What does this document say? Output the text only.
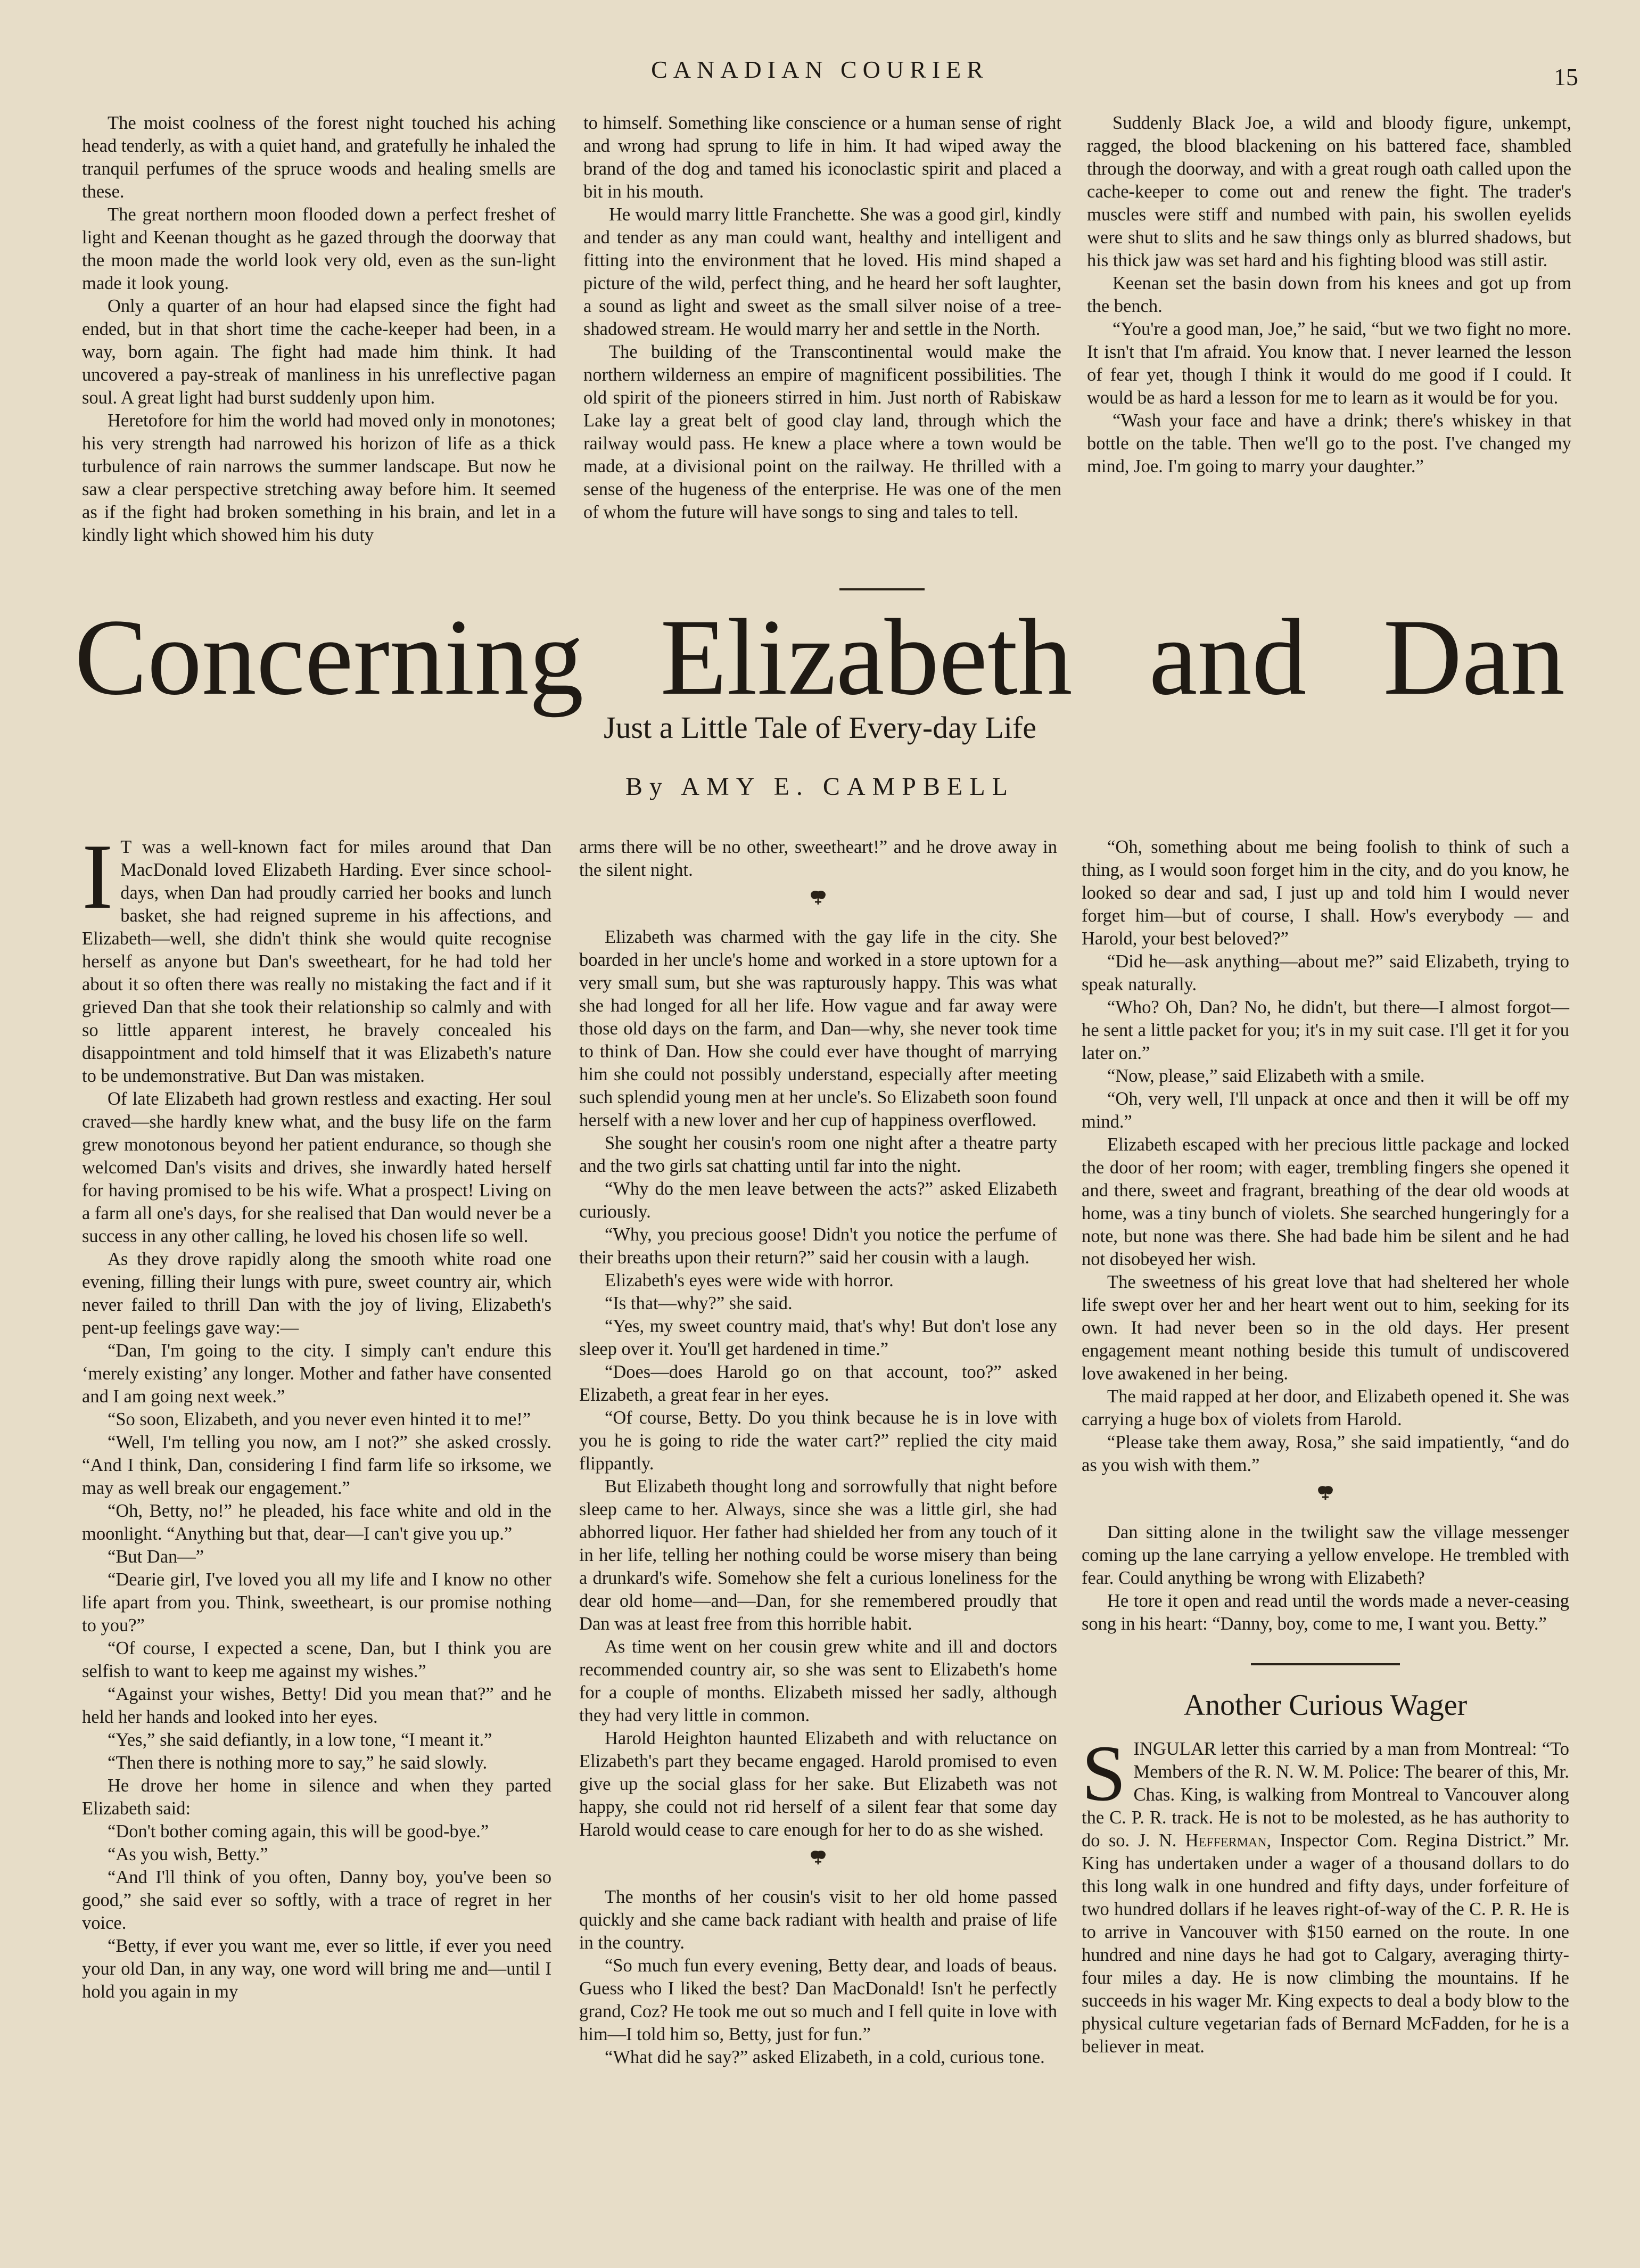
CANADIAN COURIER	15

The moist coolness of the forest night touched his aching head tenderly, as with a quiet hand, and gratefully he inhaled the tranquil perfumes of the spruce woods and healing smells are these.

The great northern moon flooded down a perfect freshet of light and Keenan thought as he gazed through the doorway that the moon made the world look very old, even as the sun-light made it look young.

Only a quarter of an hour had elapsed since the fight had ended, but in that short time the cache-keeper had been, in a way, born again. The fight had made him think. It had uncovered a pay-streak of manliness in his unreflective pagan soul. A great light had burst suddenly upon him.

Heretofore for him the world had moved only in monotones; his very strength had narrowed his horizon of life as a thick turbulence of rain narrows the summer landscape. But now he saw a clear perspective stretching away before him. It seemed as if the fight had broken something in his brain, and let in a kindly light which showed him his duty

to himself. Something like conscience or a human sense of right and wrong had sprung to life in him. It had wiped away the brand of the dog and tamed his iconoclastic spirit and placed a bit in his mouth.

He would marry little Franchette. She was a good girl, kindly and tender as any man could want, healthy and intelligent and fitting into the environment that he loved. His mind shaped a picture of the wild, perfect thing, and he heard her soft laughter, a sound as light and sweet as the small silver noise of a tree-shadowed stream. He would marry her and settle in the North.

The building of the Transcontinental would make the northern wilderness an empire of magnificent possibilities. The old spirit of the pioneers stirred in him. Just north of Rabiskaw Lake lay a great belt of good clay land, through which the railway would pass. He knew a place where a town would be made, at a divisional point on the railway. He thrilled with a sense of the hugeness of the enterprise. He was one of the men of whom the future will have songs to sing and tales to tell.

Suddenly Black Joe, a wild and bloody figure, unkempt, ragged, the blood blackening on his battered face, shambled through the doorway, and with a great rough oath called upon the cache-keeper to come out and renew the fight. The trader's muscles were stiff and numbed with pain, his swollen eyelids were shut to slits and he saw things only as blurred shadows, but his thick jaw was set hard and his fighting blood was still astir.

Keenan set the basin down from his knees and got up from the bench.

“You're a good man, Joe,” he said, “but we two fight no more. It isn't that I'm afraid. You know that. I never learned the lesson of fear yet, though I think it would do me good if I could. It would be as hard a lesson for me to learn as it would be for you.

“Wash your face and have a drink; there's whiskey in that bottle on the table. Then we'll go to the post. I've changed my mind, Joe. I'm going to marry your daughter.”

Concerning Elizabeth and Dan
Just a Little Tale of Every-day Life
By AMY E. CAMPBELL
I T was a well-known fact for miles around that Dan MacDonald loved Elizabeth Harding. Ever since school-days, when Dan had proudly carried her books and lunch basket, she had reigned supreme in his affections, and Elizabeth—well, she didn't think she would quite recognise herself as anyone but Dan's sweetheart, for he had told her about it so often there was really no mistaking the fact and if it grieved Dan that she took their relationship so calmly and with so little apparent interest, he bravely concealed his disappointment and told himself that it was Elizabeth's nature to be undemonstrative. But Dan was mistaken.

Of late Elizabeth had grown restless and exacting. Her soul craved—she hardly knew what, and the busy life on the farm grew monotonous beyond her patient endurance, so though she welcomed Dan's visits and drives, she inwardly hated herself for having promised to be his wife. What a prospect! Living on a farm all one's days, for she realised that Dan would never be a success in any other calling, he loved his chosen life so well.

As they drove rapidly along the smooth white road one evening, filling their lungs with pure, sweet country air, which never failed to thrill Dan with the joy of living, Elizabeth's pent-up feelings gave way:—

“Dan, I'm going to the city. I simply can't endure this ‘merely existing’ any longer. Mother and father have consented and I am going next week.”

“So soon, Elizabeth, and you never even hinted it to me!”

“Well, I'm telling you now, am I not?” she asked crossly. “And I think, Dan, considering I find farm life so irksome, we may as well break our engagement.”

“Oh, Betty, no!” he pleaded, his face white and old in the moonlight. “Anything but that, dear—I can't give you up.”

“But Dan—”

“Dearie girl, I've loved you all my life and I know no other life apart from you. Think, sweetheart, is our promise nothing to you?”

“Of course, I expected a scene, Dan, but I think you are selfish to want to keep me against my wishes.”

“Against your wishes, Betty! Did you mean that?” and he held her hands and looked into her eyes.

“Yes,” she said defiantly, in a low tone, “I meant it.”

“Then there is nothing more to say,” he said slowly.

He drove her home in silence and when they parted Elizabeth said:

“Don't bother coming again, this will be good-bye.”

“As you wish, Betty.”

“And I'll think of you often, Danny boy, you've been so good,” she said ever so softly, with a trace of regret in her voice.

“Betty, if ever you want me, ever so little, if ever you need your old Dan, in any way, one word will bring me and—until I hold you again in my

arms there will be no other, sweetheart!” and he drove away in the silent night.

Elizabeth was charmed with the gay life in the city. She boarded in her uncle's home and worked in a store uptown for a very small sum, but she was rapturously happy. This was what she had longed for all her life. How vague and far away were those old days on the farm, and Dan—why, she never took time to think of Dan. How she could ever have thought of marrying him she could not possibly understand, especially after meeting such splendid young men at her uncle's. So Elizabeth soon found herself with a new lover and her cup of happiness overflowed.

She sought her cousin's room one night after a theatre party and the two girls sat chatting until far into the night.

“Why do the men leave between the acts?” asked Elizabeth curiously.

“Why, you precious goose! Didn't you notice the perfume of their breaths upon their return?” said her cousin with a laugh.

Elizabeth's eyes were wide with horror.

“Is that—why?” she said.

“Yes, my sweet country maid, that's why! But don't lose any sleep over it. You'll get hardened in time.”

“Does—does Harold go on that account, too?” asked Elizabeth, a great fear in her eyes.

“Of course, Betty. Do you think because he is in love with you he is going to ride the water cart?” replied the city maid flippantly.

But Elizabeth thought long and sorrowfully that night before sleep came to her. Always, since she was a little girl, she had abhorred liquor. Her father had shielded her from any touch of it in her life, telling her nothing could be worse misery than being a drunkard's wife. Somehow she felt a curious loneliness for the dear old home—and—Dan, for she remembered proudly that Dan was at least free from this horrible habit.

As time went on her cousin grew white and ill and doctors recommended country air, so she was sent to Elizabeth's home for a couple of months. Elizabeth missed her sadly, although they had very little in common.

Harold Heighton haunted Elizabeth and with reluctance on Elizabeth's part they became engaged. Harold promised to even give up the social glass for her sake. But Elizabeth was not happy, she could not rid herself of a silent fear that some day Harold would cease to care enough for her to do as she wished.

The months of her cousin's visit to her old home passed quickly and she came back radiant with health and praise of life in the country.

“So much fun every evening, Betty dear, and loads of beaus. Guess who I liked the best? Dan MacDonald! Isn't he perfectly grand, Coz? He took me out so much and I fell quite in love with him—I told him so, Betty, just for fun.”

“What did he say?” asked Elizabeth, in a cold, curious tone.

“Oh, something about me being foolish to think of such a thing, as I would soon forget him in the city, and do you know, he looked so dear and sad, I just up and told him I would never forget him—but of course, I shall. How's everybody — and Harold, your best beloved?”

“Did he—ask anything—about me?” said Elizabeth, trying to speak naturally.

“Who? Oh, Dan? No, he didn't, but there—I almost forgot—he sent a little packet for you; it's in my suit case. I'll get it for you later on.”

“Now, please,” said Elizabeth with a smile.

“Oh, very well, I'll unpack at once and then it will be off my mind.”

Elizabeth escaped with her precious little package and locked the door of her room; with eager, trembling fingers she opened it and there, sweet and fragrant, breathing of the dear old woods at home, was a tiny bunch of violets. She searched hungeringly for a note, but none was there. She had bade him be silent and he had not disobeyed her wish.

The sweetness of his great love that had sheltered her whole life swept over her and her heart went out to him, seeking for its own. It had never been so in the old days. Her present engagement meant nothing beside this tumult of undiscovered love awakened in her being.

The maid rapped at her door, and Elizabeth opened it. She was carrying a huge box of violets from Harold.

“Please take them away, Rosa,” she said impatiently, “and do as you wish with them.”

Dan sitting alone in the twilight saw the village messenger coming up the lane carrying a yellow envelope. He trembled with fear. Could anything be wrong with Elizabeth?

He tore it open and read until the words made a never-ceasing song in his heart: “Danny, boy, come to me, I want you. Betty.”

Another Curious Wager

SINGULAR letter this carried by a man from Montreal: “To Members of the R. N. W. M. Police: The bearer of this, Mr. Chas. King, is walking from Montreal to Vancouver along the C. P. R. track. He is not to be molested, as he has authority to do so. J. N. Hefferman, Inspector Com. Regina District.” Mr. King has undertaken under a wager of a thousand dollars to do this long walk in one hundred and fifty days, under forfeiture of two hundred dollars if he leaves right-of-way of the C. P. R. He is to arrive in Vancouver with $150 earned on the route. In one hundred and nine days he had got to Calgary, averaging thirty-four miles a day. He is now climbing the mountains. If he succeeds in his wager Mr. King expects to deal a body blow to the physical culture vegetarian fads of Bernard McFadden, for he is a believer in meat.
